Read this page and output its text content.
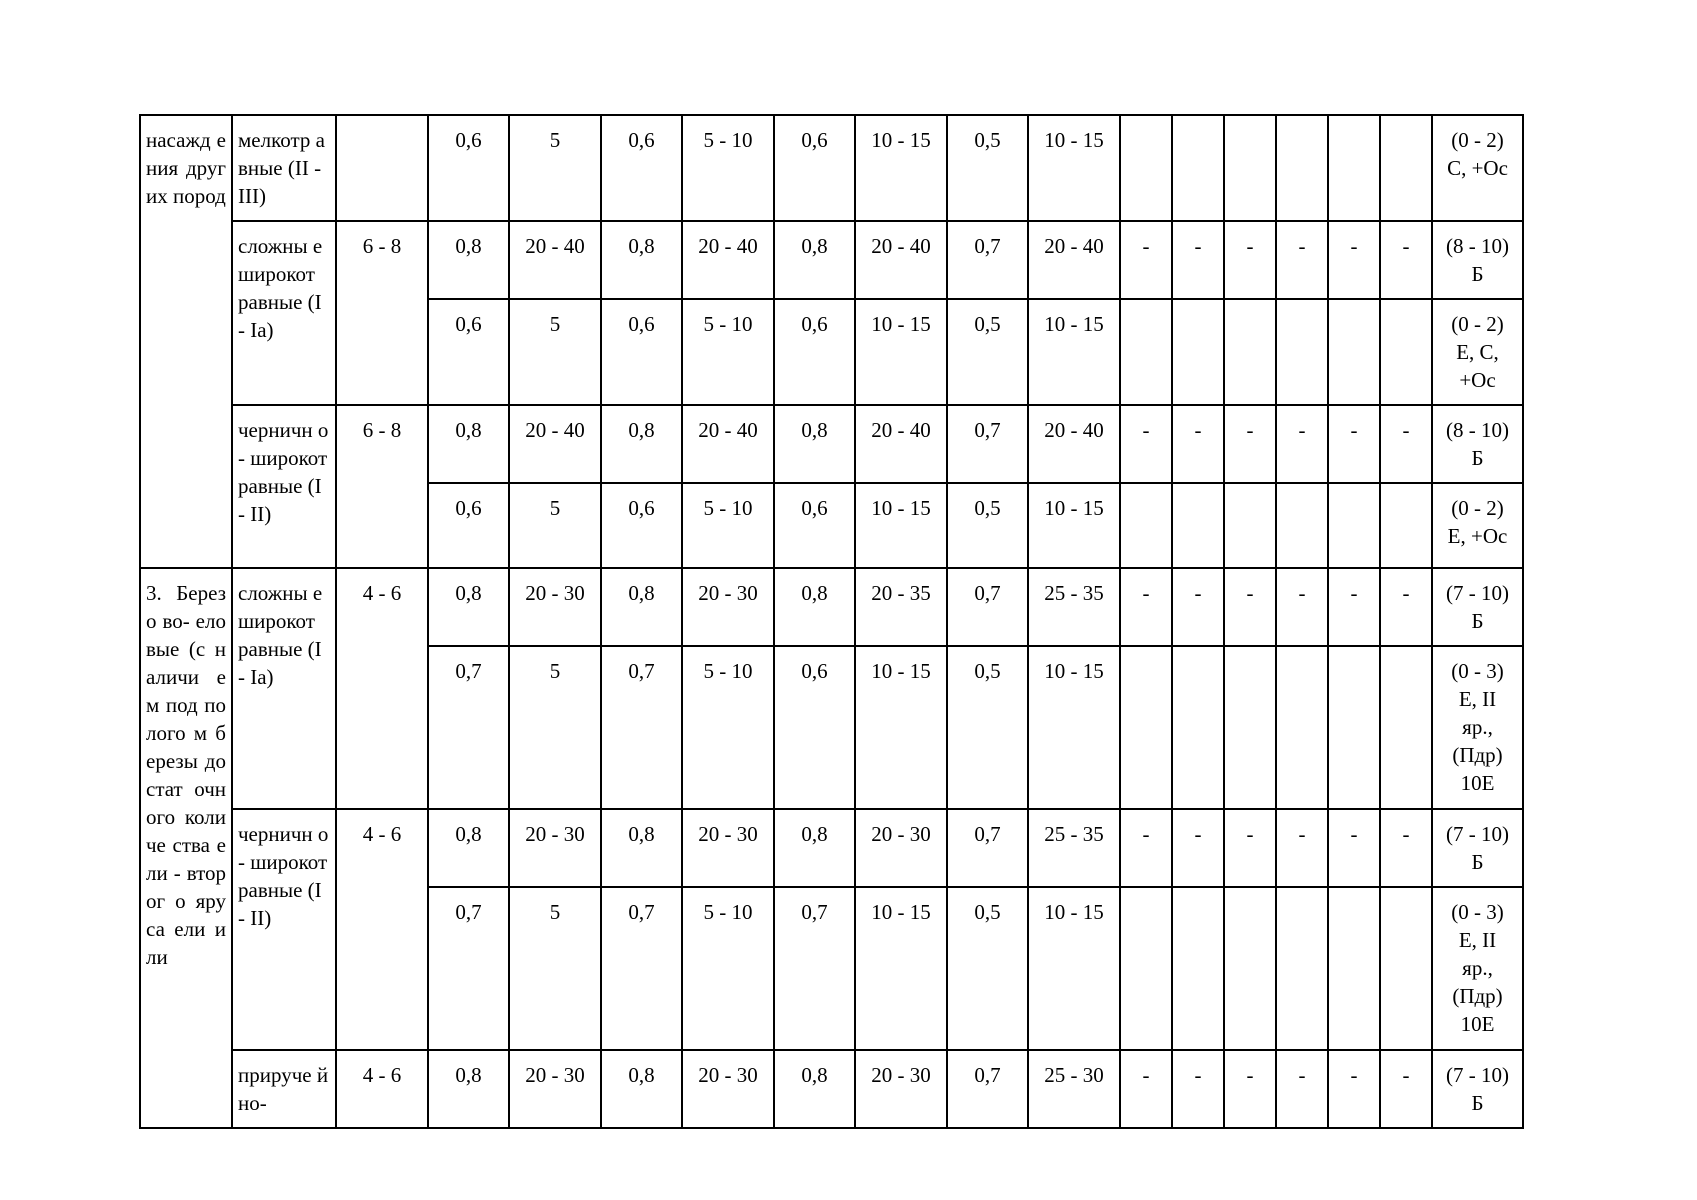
насажд ения других пород	мелкотр авные (II - III)		0,6	5	0,6	5 - 10	0,6	10 - 15	0,5	10 - 15							(0 - 2)
С, +Ос

	сложны е широкот равные (I - Iа)	6 - 8	0,8	20 - 40	0,8	20 - 40	0,8	20 - 40	0,7	20 - 40	-	-	-	-	-	-	(8 - 10)
Б

			0,6	5	0,6	5 - 10	0,6	10 - 15	0,5	10 - 15							(0 - 2)
Е, С,
+Ос

	черничн о- широкот равные (I - II)	6 - 8	0,8	20 - 40	0,8	20 - 40	0,8	20 - 40	0,7	20 - 40	-	-	-	-	-	-	(8 - 10)
Б

			0,6	5	0,6	5 - 10	0,6	10 - 15	0,5	10 - 15							(0 - 2)
Е, +Ос

3. Березо во- еловые (с наличи ем под полого м березы достат очного количе ства ели - второг о яруса ели или	сложны е широкот равные (I - Iа)	4 - 6	0,8	20 - 30	0,8	20 - 30	0,8	20 - 35	0,7	25 - 35	-	-	-	-	-	-	(7 - 10)
Б

			0,7	5	0,7	5 - 10	0,6	10 - 15	0,5	10 - 15							(0 - 3)
Е, II
яр.,
(Пдр)
10Е

	черничн о- широкот равные (I - II)	4 - 6	0,8	20 - 30	0,8	20 - 30	0,8	20 - 30	0,7	25 - 35	-	-	-	-	-	-	(7 - 10)
Б

			0,7	5	0,7	5 - 10	0,7	10 - 15	0,5	10 - 15							(0 - 3)
Е, II
яр.,
(Пдр)
10Е

	приручe йно-	4 - 6	0,8	20 - 30	0,8	20 - 30	0,8	20 - 30	0,7	25 - 30	-	-	-	-	-	-	(7 - 10)
Б
